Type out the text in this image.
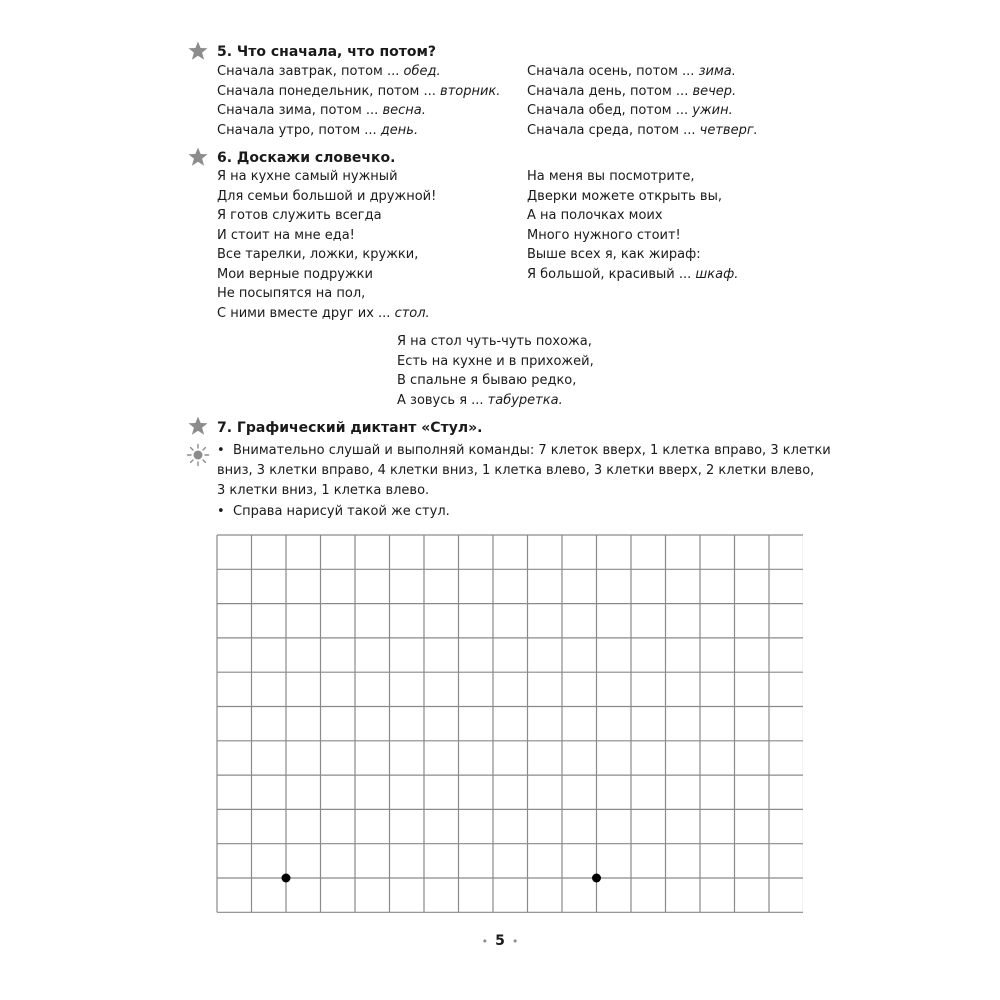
5. Что сначала, что потом?
Сначала завтрак, потом ... обед.
Сначала понедельник, потом ... вторник.
Сначала зима, потом ... весна.
Сначала утро, потом ... день.
Сначала осень, потом ... зима.
Сначала день, потом ... вечер.
Сначала обед, потом ... ужин.
Сначала среда, потом ... четверг.
6. Доскажи словечко.
Я на кухне самый нужный
Для семьи большой и дружной!
Я готов служить всегда
И стоит на мне еда!
Все тарелки, ложки, кружки,
Мои верные подружки
Не посыпятся на пол,
С ними вместе друг их ... стол.
На меня вы посмотрите,
Дверки можете открыть вы,
А на полочках моих
Много нужного стоит!
Выше всех я, как жираф:
Я большой, красивый ... шкаф.
Я на стол чуть-чуть похожа,
Есть на кухне и в прихожей,
В спальне я бываю редко,
А зовусь я ... табуретка.
7. Графический диктант «Стул».
• Внимательно слушай и выполняй команды: 7 клеток вверх, 1 клетка вправо, 3 клетки
вниз, 3 клетки вправо, 4 клетки вниз, 1 клетка влево, 3 клетки вверх, 2 клетки влево,
3 клетки вниз, 1 клетка влево.
• Справа нарисуй такой же стул.
• 5 •
